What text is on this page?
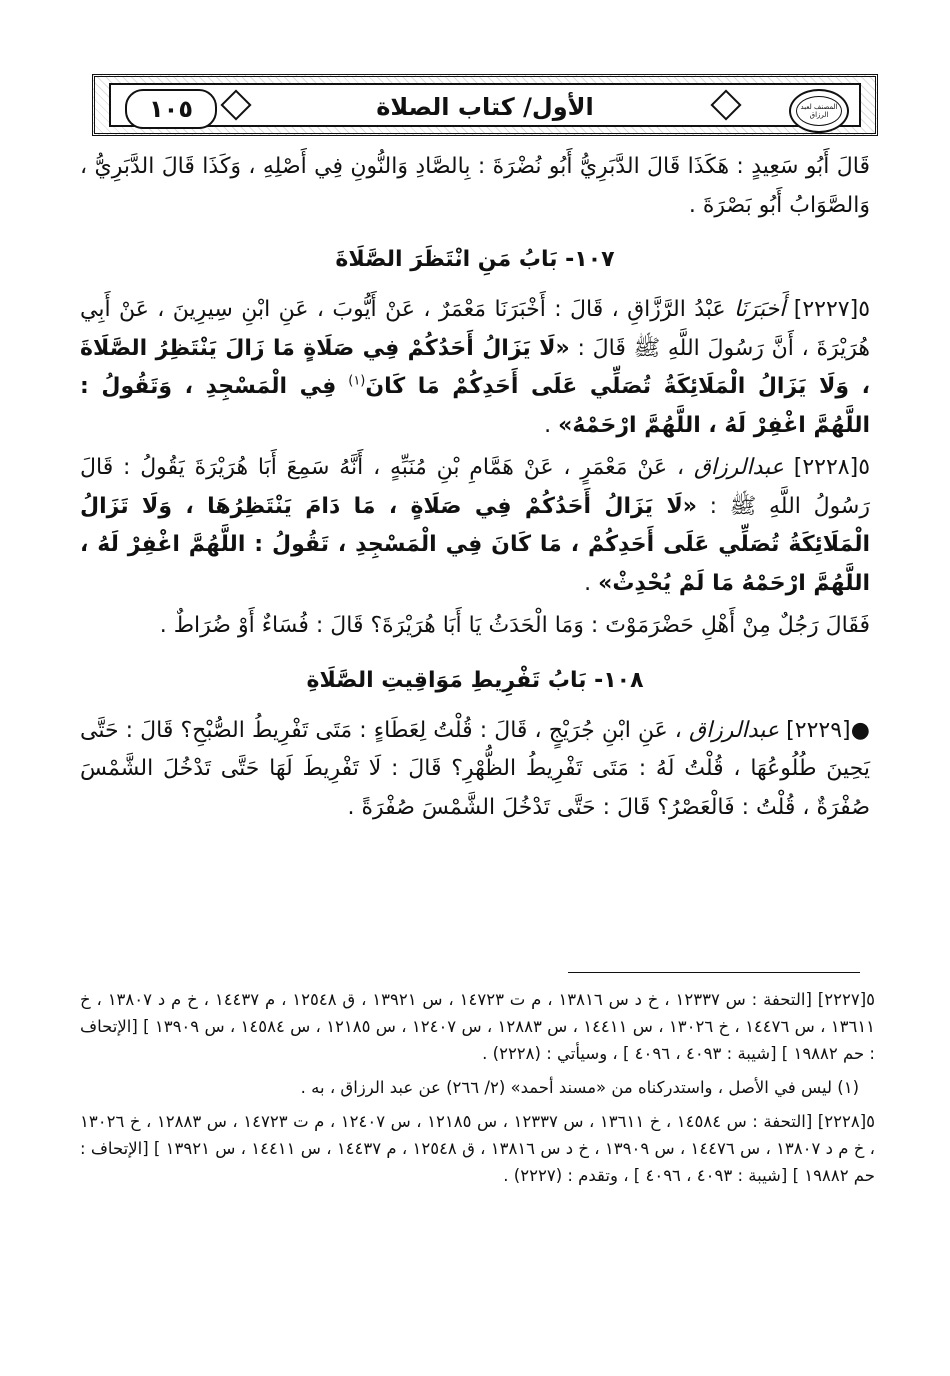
١٠٥	الأول/ كتاب الصلاة	المصنف لعبد الرزاق

قَالَ أَبُو سَعِيدٍ : هَكَذَا قَالَ الدَّبَرِيُّ أَبُو نُضْرَةَ : بِالصَّادِ وَالنُّونِ فِي أَصْلِهِ ، وَكَذَا قَالَ الدَّبَرِيُّ ، وَالصَّوَابُ أَبُو بَصْرَةَ .

١٠٧- بَابُ مَنِ انْتَظَرَ الصَّلَاةَ

٥[٢٢٢٧] أَخبَرَنَا عَبْدُ الرَّزَّاقِ ، قَالَ : أَخْبَرَنَا مَعْمَرٌ ، عَنْ أَيُّوبَ ، عَنِ ابْنِ سِيرِينَ ، عَنْ أَبِي هُرَيْرَةَ ، أَنَّ رَسُولَ اللَّهِ ﷺ قَالَ : «لَا يَزَالُ أَحَدُكُمْ فِي صَلَاةٍ مَا زَالَ يَنْتَظِرُ الصَّلَاةَ ، وَلَا يَزَالُ الْمَلَائِكَةُ تُصَلِّي عَلَى أَحَدِكُمْ مَا كَانَ$^{(١)}$ فِي الْمَسْجِدِ ، وَتَقُولُ : اللَّهُمَّ اغْفِرْ لَهُ ، اللَّهُمَّ ارْحَمْهُ» .

٥[٢٢٢٨] عبدالرزاق ، عَنْ مَعْمَرٍ ، عَنْ هَمَّامِ بْنِ مُنَبِّهٍ ، أَنَّهُ سَمِعَ أَبَا هُرَيْرَةَ يَقُولُ : قَالَ رَسُولُ اللَّهِ ﷺ : «لَا يَزَالُ أَحَدُكُمْ فِي صَلَاةٍ ، مَا دَامَ يَنْتَظِرُهَا ، وَلَا تَزَالُ الْمَلَائِكَةُ تُصَلِّي عَلَى أَحَدِكُمْ ، مَا كَانَ فِي الْمَسْجِدِ ، تَقُولُ : اللَّهُمَّ اغْفِرْ لَهُ ، اللَّهُمَّ ارْحَمْهُ مَا لَمْ يُحْدِثْ» .

فَقَالَ رَجُلٌ مِنْ أَهْلِ حَضْرَمَوْتَ : وَمَا الْحَدَثُ يَا أَبَا هُرَيْرَةَ؟ قَالَ : فُسَاءٌ أَوْ ضُرَاطٌ .

١٠٨- بَابُ تَفْرِيطِ مَوَاقِيتِ الصَّلَاةِ

●[٢٢٢٩] عبدالرزاق ، عَنِ ابْنِ جُرَيْجٍ ، قَالَ : قُلْتُ لِعَطَاءٍ : مَتَى تَفْرِيطُ الصُّبْحِ؟ قَالَ : حَتَّى يَحِينَ طُلُوعُهَا ، قُلْتُ لَهُ : مَتَى تَفْرِيطُ الظُّهْرِ؟ قَالَ : لَا تَفْرِيطَ لَهَا حَتَّى تَدْخُلَ الشَّمْسَ صُفْرَةٌ ، قُلْتُ : فَالْعَصْرُ؟ قَالَ : حَتَّى تَدْخُلَ الشَّمْسَ صُفْرَةً .

٥[٢٢٢٧] [التحفة : س ١٢٣٣٧ ، خ د س ١٣٨١٦ ، م ت ١٤٧٢٣ ، س ١٣٩٢١ ، ق ١٢٥٤٨ ، م ١٤٤٣٧ ، خ م د ١٣٨٠٧ ، خ ١٣٦١١ ، س ١٤٤٧٦ ، خ ١٣٠٢٦ ، س ١٤٤١١ ، س ١٢٨٨٣ ، س ١٢٤٠٧ ، س ١٢١٨٥ ، س ١٤٥٨٤ ، س ١٣٩٠٩ ] [الإتحاف : حم ١٩٨٨٢ ] [شيبة : ٤٠٩٣ ، ٤٠٩٦ ] ، وسيأتي : (٢٢٢٨) .

(١) ليس في الأصل ، واستدركناه من «مسند أحمد» (٢/ ٢٦٦) عن عبد الرزاق ، به .

٥[٢٢٢٨] [التحفة : س ١٤٥٨٤ ، خ ١٣٦١١ ، س ١٢٣٣٧ ، س ١٢١٨٥ ، س ١٢٤٠٧ ، م ت ١٤٧٢٣ ، س ١٢٨٨٣ ، خ ١٣٠٢٦ ، خ م د ١٣٨٠٧ ، س ١٤٤٧٦ ، س ١٣٩٠٩ ، خ د س ١٣٨١٦ ، ق ١٢٥٤٨ ، م ١٤٤٣٧ ، س ١٤٤١١ ، س ١٣٩٢١ ] [الإتحاف : حم ١٩٨٨٢ ] [شيبة : ٤٠٩٣ ، ٤٠٩٦ ] ، وتقدم : (٢٢٢٧) .
